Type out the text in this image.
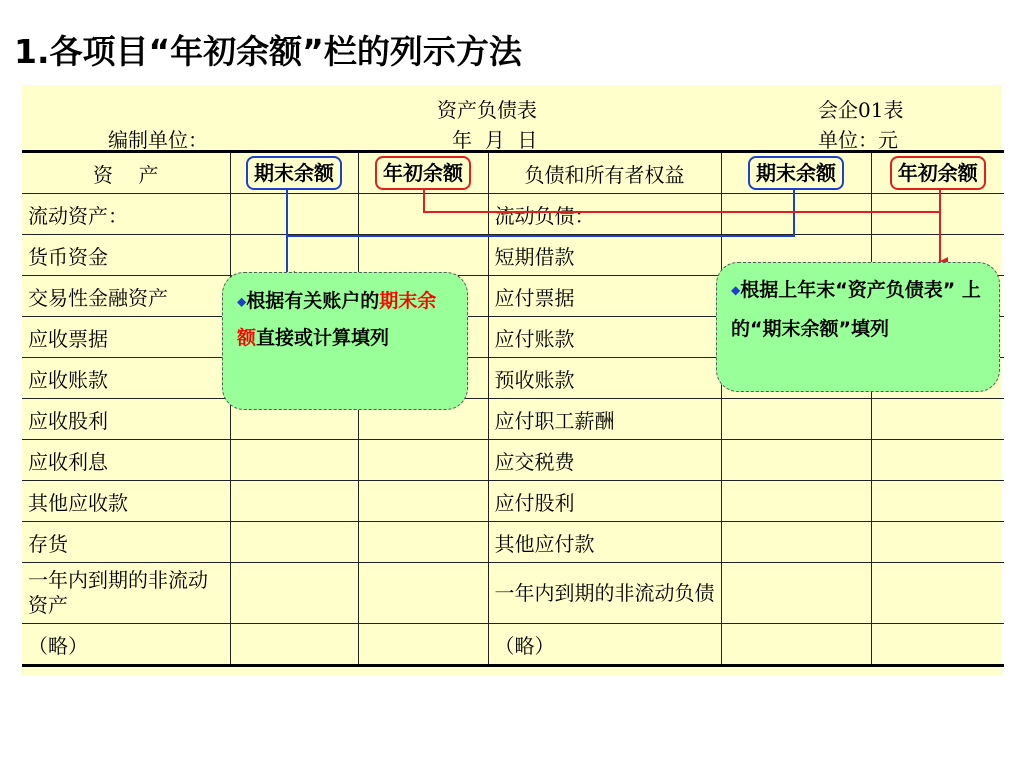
1.各项目“年初余额”栏的列示方法
资产负债表	会企01表
编制单位：	年  月  日	单位：元
资    产	期末余额	年初余额	负债和所有者权益	期末余额	年初余额
流动资产：			流动负债：		
货币资金			短期借款		
交易性金融资产			应付票据		
应收票据			应付账款		
应收账款			预收账款		
应收股利			应付职工薪酬		
应收利息			应交税费		
其他应收款			应付股利		
存货			其他应付款		
一年内到期的非流动资产			一年内到期的非流动负债		
（略）			（略）		
◆根据有关账户的期末余额直接或计算填列
◆根据上年末“资产负债表” 上 的“期末余额”填列
